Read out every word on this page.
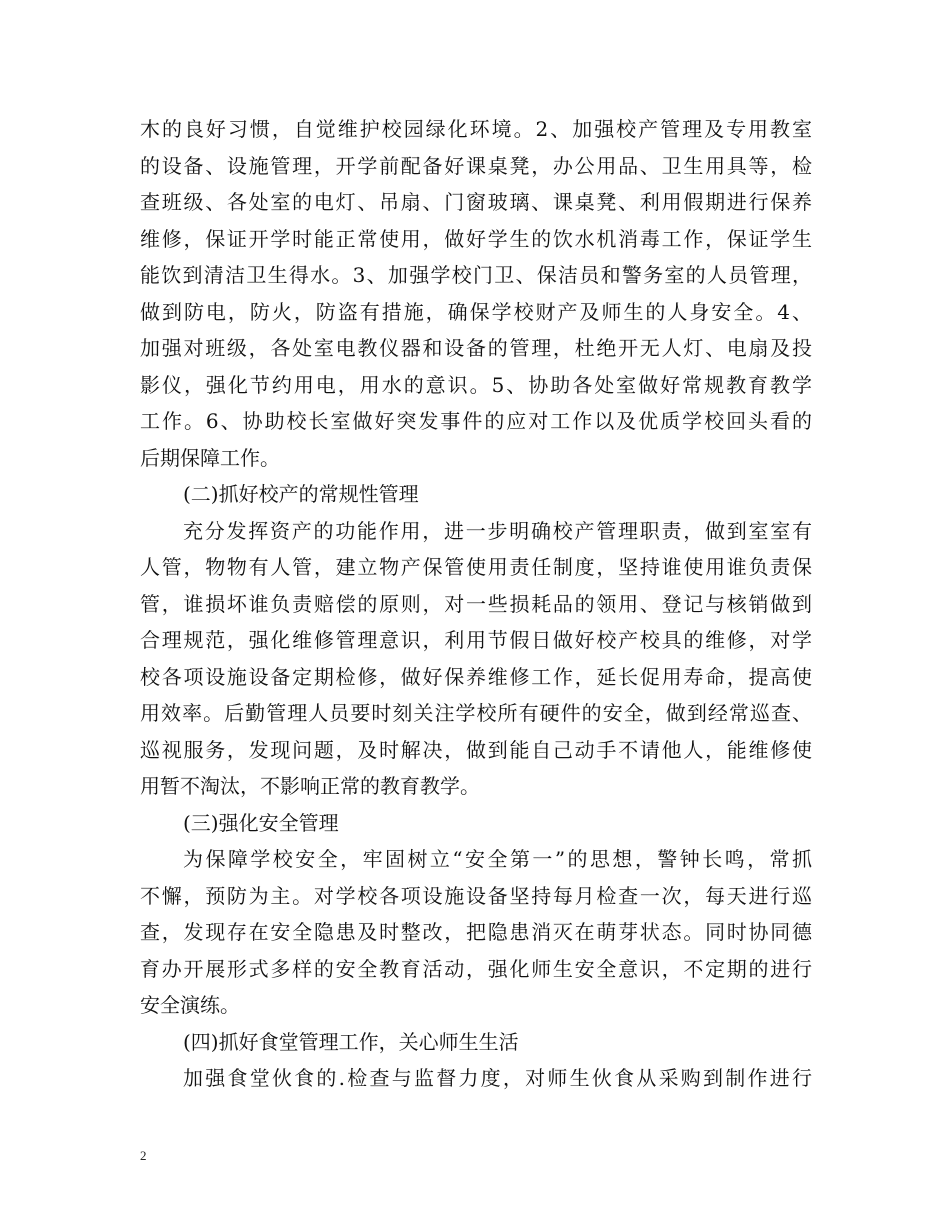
木的良好习惯，自觉维护校园绿化环境。2、加强校产管理及专用教室
的设备、设施管理，开学前配备好课桌凳，办公用品、卫生用具等，检
查班级、各处室的电灯、吊扇、门窗玻璃、课桌凳、利用假期进行保养
维修，保证开学时能正常使用，做好学生的饮水机消毒工作，保证学生
能饮到清洁卫生得水。3、加强学校门卫、保洁员和警务室的人员管理，
做到防电，防火，防盗有措施，确保学校财产及师生的人身安全。4、
加强对班级，各处室电教仪器和设备的管理，杜绝开无人灯、电扇及投
影仪，强化节约用电，用水的意识。5、协助各处室做好常规教育教学
工作。6、协助校长室做好突发事件的应对工作以及优质学校回头看的
后期保障工作。
(二)抓好校产的常规性管理
充分发挥资产的功能作用，进一步明确校产管理职责，做到室室有
人管，物物有人管，建立物产保管使用责任制度，坚持谁使用谁负责保
管，谁损坏谁负责赔偿的原则，对一些损耗品的领用、登记与核销做到
合理规范，强化维修管理意识，利用节假日做好校产校具的维修，对学
校各项设施设备定期检修，做好保养维修工作，延长促用寿命，提高使
用效率。后勤管理人员要时刻关注学校所有硬件的安全，做到经常巡查、
巡视服务，发现问题，及时解决，做到能自己动手不请他人，能维修使
用暂不淘汰，不影响正常的教育教学。
(三)强化安全管理
为保障学校安全，牢固树立“安全第一”的思想，警钟长鸣，常抓
不懈，预防为主。对学校各项设施设备坚持每月检查一次，每天进行巡
查，发现存在安全隐患及时整改，把隐患消灭在萌芽状态。同时协同德
育办开展形式多样的安全教育活动，强化师生安全意识，不定期的进行
安全演练。
(四)抓好食堂管理工作，关心师生生活
加强食堂伙食的.检查与监督力度，对师生伙食从采购到制作进行
2
